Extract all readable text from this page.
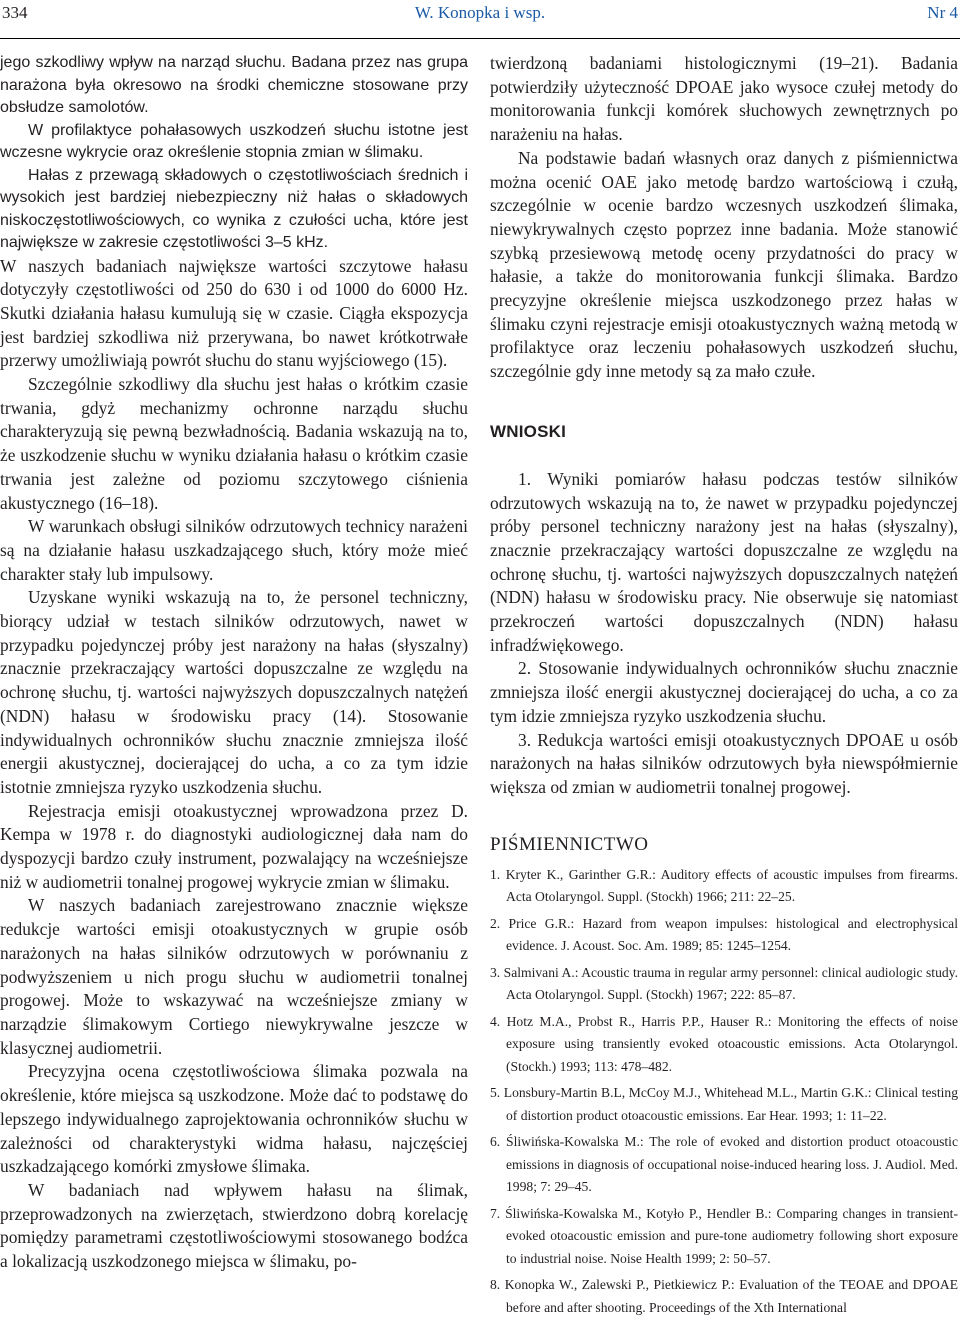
334	W. Konopka i wsp.	Nr 4

jego szkodliwy wpływ na narząd słuchu. Badana przez nas grupa narażona była okresowo na środki chemiczne stosowane przy obsłudze samolotów.

W profilaktyce pohałasowych uszkodzeń słuchu istotne jest wczesne wykrycie oraz określenie stopnia zmian w ślimaku.

Hałas z przewagą składowych o częstotliwościach średnich i wysokich jest bardziej niebezpieczny niż hałas o składowych niskoczęstotliwościowych, co wynika z czułości ucha, które jest największe w zakresie częstotliwości 3–5 kHz.

W naszych badaniach największe wartości szczytowe hałasu dotyczyły częstotliwości od 250 do 630 i od 1000 do 6000 Hz. Skutki działania hałasu kumulują się w czasie. Ciągła ekspozycja jest bardziej szkodliwa niż przerywana, bo nawet krótkotrwałe przerwy umożliwiają powrót słuchu do stanu wyjściowego (15).

Szczególnie szkodliwy dla słuchu jest hałas o krótkim czasie trwania, gdyż mechanizmy ochronne narządu słuchu charakteryzują się pewną bezwładnością. Badania wskazują na to, że uszkodzenie słuchu w wyniku działania hałasu o krótkim czasie trwania jest zależne od poziomu szczytowego ciśnienia akustycznego (16–18).

W warunkach obsługi silników odrzutowych technicy narażeni są na działanie hałasu uszkadzającego słuch, który może mieć charakter stały lub impulsowy.

Uzyskane wyniki wskazują na to, że personel techniczny, biorący udział w testach silników odrzutowych, nawet w przypadku pojedynczej próby jest narażony na hałas (słyszalny) znacznie przekraczający wartości dopuszczalne ze względu na ochronę słuchu, tj. wartości najwyższych dopuszczalnych natężeń (NDN) hałasu w środowisku pracy (14). Stosowanie indywidualnych ochronników słuchu znacznie zmniejsza ilość energii akustycznej, docierającej do ucha, a co za tym idzie istotnie zmniejsza ryzyko uszkodzenia słuchu.

Rejestracja emisji otoakustycznej wprowadzona przez D. Kempa w 1978 r. do diagnostyki audiologicznej dała nam do dyspozycji bardzo czuły instrument, pozwalający na wcześniejsze niż w audiometrii tonalnej progowej wykrycie zmian w ślimaku.

W naszych badaniach zarejestrowano znacznie większe redukcje wartości emisji otoakustycznych w grupie osób narażonych na hałas silników odrzutowych w porównaniu z podwyższeniem u nich progu słuchu w audiometrii tonalnej progowej. Może to wskazywać na wcześniejsze zmiany w narządzie ślimakowym Cortiego niewykrywalne jeszcze w klasycznej audiometrii.

Precyzyjna ocena częstotliwościowa ślimaka pozwala na określenie, które miejsca są uszkodzone. Może dać to podstawę do lepszego indywidualnego zaprojektowania ochronników słuchu w zależności od charakterystyki widma hałasu, najczęściej uszkadzającego komórki zmysłowe ślimaka.

W badaniach nad wpływem hałasu na ślimak, przeprowadzonych na zwierzętach, stwierdzono dobrą korelację pomiędzy parametrami częstotliwościowymi stosowanego bodźca a lokalizacją uszkodzonego miejsca w ślimaku, po-

twierdzoną badaniami histologicznymi (19–21). Badania potwierdziły użyteczność DPOAE jako wysoce czułej metody do monitorowania funkcji komórek słuchowych zewnętrznych po narażeniu na hałas.

Na podstawie badań własnych oraz danych z piśmiennictwa można ocenić OAE jako metodę bardzo wartościową i czułą, szczególnie w ocenie bardzo wczesnych uszkodzeń ślimaka, niewykrywalnych często poprzez inne badania. Może stanowić szybką przesiewową metodę oceny przydatności do pracy w hałasie, a także do monitorowania funkcji ślimaka. Bardzo precyzyjne określenie miejsca uszkodzonego przez hałas w ślimaku czyni rejestracje emisji otoakustycznych ważną metodą w profilaktyce oraz leczeniu pohałasowych uszkodzeń słuchu, szczególnie gdy inne metody są za mało czułe.

WNIOSKI

1. Wyniki pomiarów hałasu podczas testów silników odrzutowych wskazują na to, że nawet w przypadku pojedynczej próby personel techniczny narażony jest na hałas (słyszalny), znacznie przekraczający wartości dopuszczalne ze względu na ochronę słuchu, tj. wartości najwyższych dopuszczalnych natężeń (NDN) hałasu w środowisku pracy. Nie obserwuje się natomiast przekroczeń wartości dopuszczalnych (NDN) hałasu infradźwiękowego.

2. Stosowanie indywidualnych ochronników słuchu znacznie zmniejsza ilość energii akustycznej docierającej do ucha, a co za tym idzie zmniejsza ryzyko uszkodzenia słuchu.

3. Redukcja wartości emisji otoakustycznych DPOAE u osób narażonych na hałas silników odrzutowych była niewspółmiernie większa od zmian w audiometrii tonalnej progowej.

PIŚMIENNICTWO
1. Kryter K., Garinther G.R.: Auditory effects of acoustic impulses from firearms. Acta Otolaryngol. Suppl. (Stockh) 1966; 211: 22–25.
2. Price G.R.: Hazard from weapon impulses: histological and electrophysical evidence. J. Acoust. Soc. Am. 1989; 85: 1245–1254.
3. Salmivani A.: Acoustic trauma in regular army personnel: clinical audiologic study. Acta Otolaryngol. Suppl. (Stockh) 1967; 222: 85–87.
4. Hotz M.A., Probst R., Harris P.P., Hauser R.: Monitoring the effects of noise exposure using transiently evoked otoacoustic emissions. Acta Otolaryngol. (Stockh.) 1993; 113: 478–482.
5. Lonsbury-Martin B.L, McCoy M.J., Whitehead M.L., Martin G.K.: Clinical testing of distortion product otoacoustic emissions. Ear Hear. 1993; 1: 11–22.
6. Śliwińska-Kowalska M.: The role of evoked and distortion product otoacoustic emissions in diagnosis of occupational noise-induced hearing loss. J. Audiol. Med. 1998; 7: 29–45.
7. Śliwińska-Kowalska M., Kotyło P., Hendler B.: Comparing changes in transient-evoked otoacoustic emission and pure-tone audiometry following short exposure to industrial noise. Noise Health 1999; 2: 50–57.
8. Konopka W., Zalewski P., Pietkiewicz P.: Evaluation of the TEOAE and DPOAE before and after shooting. Proceedings of the Xth International
